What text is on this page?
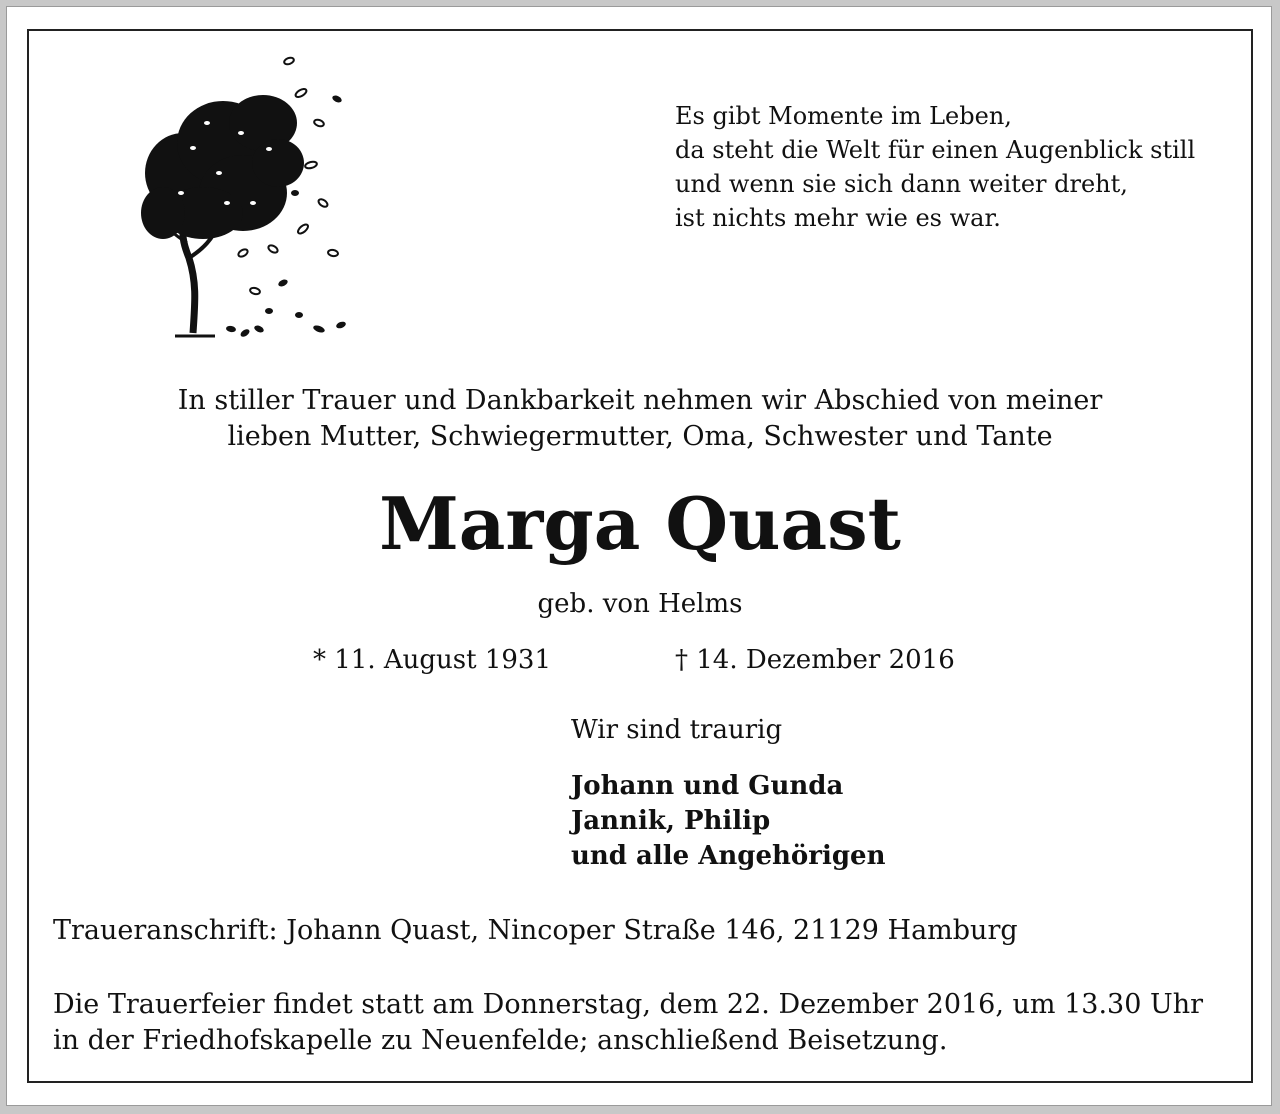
Es gibt Momente im Leben,
da steht die Welt für einen Augenblick still
und wenn sie sich dann weiter dreht,
ist nichts mehr wie es war.
In stiller Trauer und Dankbarkeit nehmen wir Abschied von meiner
lieben Mutter, Schwiegermutter, Oma, Schwester und Tante
Marga Quast
geb. von Helms
* 11. August 1931	† 14. Dezember 2016
Wir sind traurig
Johann und Gunda
Jannik, Philip
und alle Angehörigen
Traueranschrift: Johann Quast, Nincoper Straße 146, 21129 Hamburg
Die Trauerfeier findet statt am Donnerstag, dem 22. Dezember 2016, um 13.30 Uhr
in der Friedhofskapelle zu Neuenfelde; anschließend Beisetzung.
